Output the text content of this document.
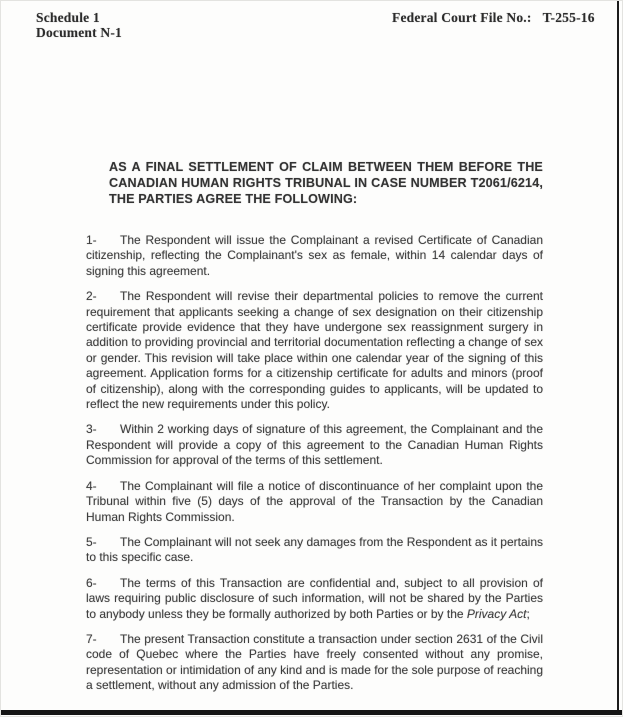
Schedule 1
Document N-1
Federal Court File No.: T-255-16

AS A FINAL SETTLEMENT OF CLAIM BETWEEN THEM BEFORE THE CANADIAN HUMAN RIGHTS TRIBUNAL IN CASE NUMBER T2061/6214, THE PARTIES AGREE THE FOLLOWING:

1- The Respondent will issue the Complainant a revised Certificate of Canadian citizenship, reflecting the Complainant's sex as female, within 14 calendar days of signing this agreement.

2- The Respondent will revise their departmental policies to remove the current requirement that applicants seeking a change of sex designation on their citizenship certificate provide evidence that they have undergone sex reassignment surgery in addition to providing provincial and territorial documentation reflecting a change of sex or gender. This revision will take place within one calendar year of the signing of this agreement. Application forms for a citizenship certificate for adults and minors (proof of citizenship), along with the corresponding guides to applicants, will be updated to reflect the new requirements under this policy.

3- Within 2 working days of signature of this agreement, the Complainant and the Respondent will provide a copy of this agreement to the Canadian Human Rights Commission for approval of the terms of this settlement.

4- The Complainant will file a notice of discontinuance of her complaint upon the Tribunal within five (5) days of the approval of the Transaction by the Canadian Human Rights Commission.

5- The Complainant will not seek any damages from the Respondent as it pertains to this specific case.

6- The terms of this Transaction are confidential and, subject to all provision of laws requiring public disclosure of such information, will not be shared by the Parties to anybody unless they be formally authorized by both Parties or by the Privacy Act;

7- The present Transaction constitute a transaction under section 2631 of the Civil code of Quebec where the Parties have freely consented without any promise, representation or intimidation of any kind and is made for the sole purpose of reaching a settlement, without any admission of the Parties.
